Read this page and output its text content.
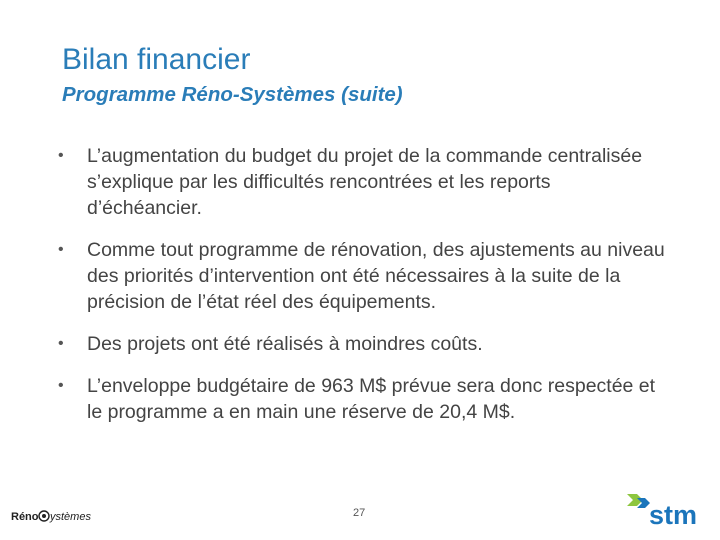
Bilan financier
Programme Réno-Systèmes (suite)
• L’augmentation du budget du projet de la commande centralisée s’explique par les difficultés rencontrées et les reports d’échéancier.
• Comme tout programme de rénovation, des ajustements au niveau des priorités d’intervention ont été nécessaires à la suite de la précision de l’état réel des équipements.
• Des projets ont été réalisés à moindres coûts.
• L’enveloppe budgétaire de 963 M$ prévue sera donc respectée et le programme a en main une réserve de 20,4 M$.
Réno ystèmes	27	stm
